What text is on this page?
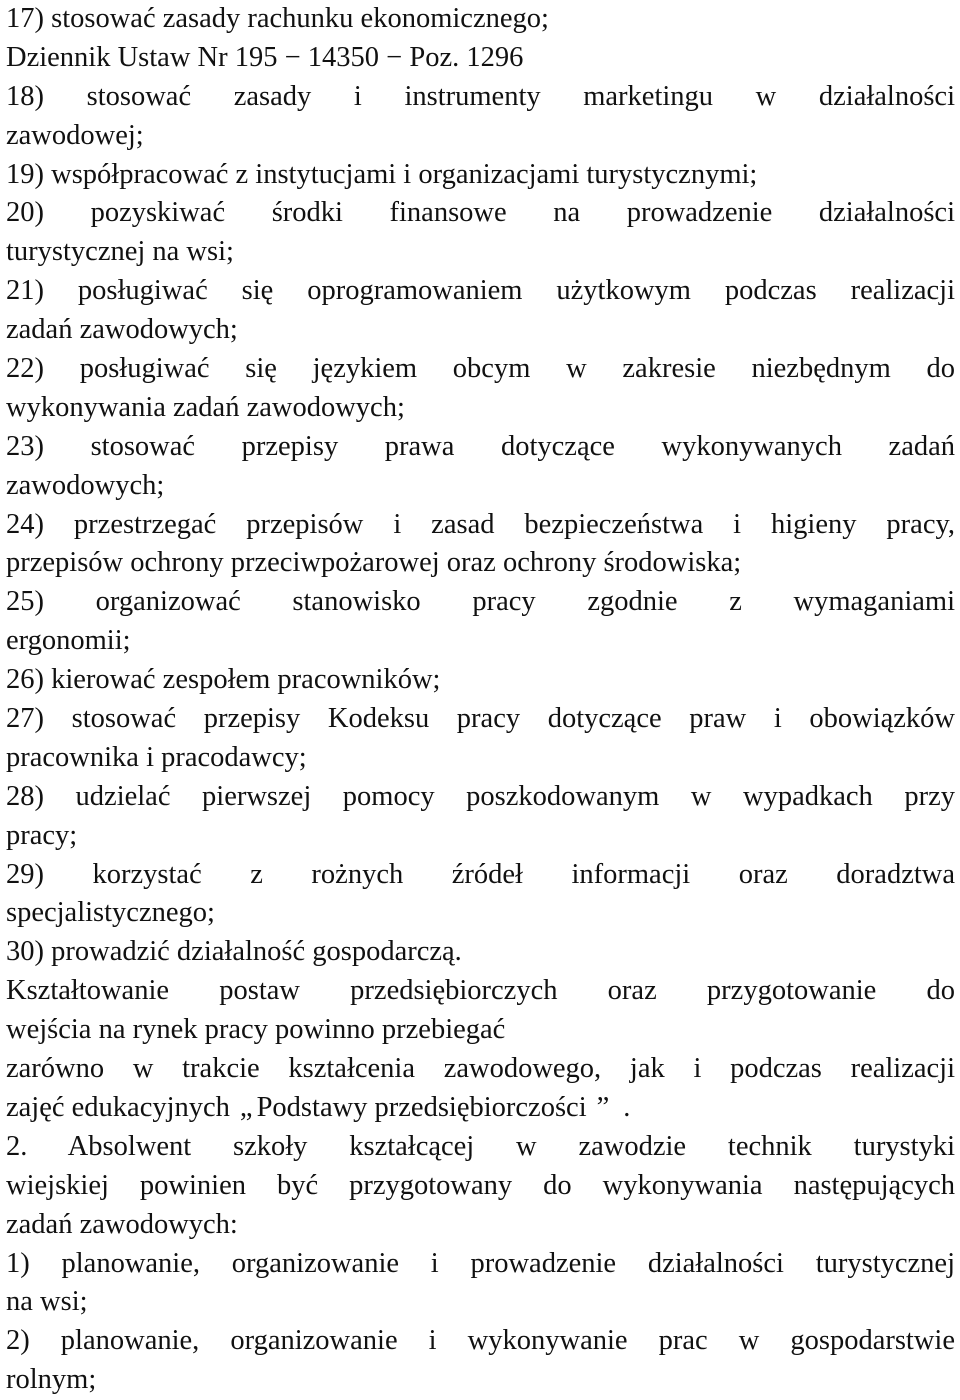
17) stosować zasady rachunku ekonomicznego;
Dziennik Ustaw Nr 195 − 14350 − Poz. 1296
18) stosować zasady i instrumenty marketingu w działalności
zawodowej;
19) współpracować z instytucjami i organizacjami turystycznymi;
20) pozyskiwać środki finansowe na prowadzenie działalności
turystycznej na wsi;
21) posługiwać się oprogramowaniem użytkowym podczas realizacji
zadań zawodowych;
22) posługiwać się językiem obcym w zakresie niezbędnym do
wykonywania zadań zawodowych;
23) stosować przepisy prawa dotyczące wykonywanych zadań
zawodowych;
24) przestrzegać przepisów i zasad bezpieczeństwa i higieny pracy,
przepisów ochrony przeciwpożarowej oraz ochrony środowiska;
25) organizować stanowisko pracy zgodnie z wymaganiami
ergonomii;
26) kierować zespołem pracowników;
27) stosować przepisy Kodeksu pracy dotyczące praw i obowiązków
pracownika i pracodawcy;
28) udzielać pierwszej pomocy poszkodowanym w wypadkach przy
pracy;
29) korzystać z rożnych źródeł informacji oraz doradztwa
specjalistycznego;
30) prowadzić działalność gospodarczą.
Kształtowanie postaw przedsiębiorczych oraz przygotowanie do
wejścia na rynek pracy powinno przebiegać
zarówno w trakcie kształcenia zawodowego, jak i podczas realizacji
zajęć edukacyjnych „ Podstawy przedsiębiorczości ” .
2. Absolwent szkoły kształcącej w zawodzie technik turystyki
wiejskiej powinien być przygotowany do wykonywania następujących
zadań zawodowych:
1) planowanie, organizowanie i prowadzenie działalności turystycznej
na wsi;
2) planowanie, organizowanie i wykonywanie prac w gospodarstwie
rolnym;
